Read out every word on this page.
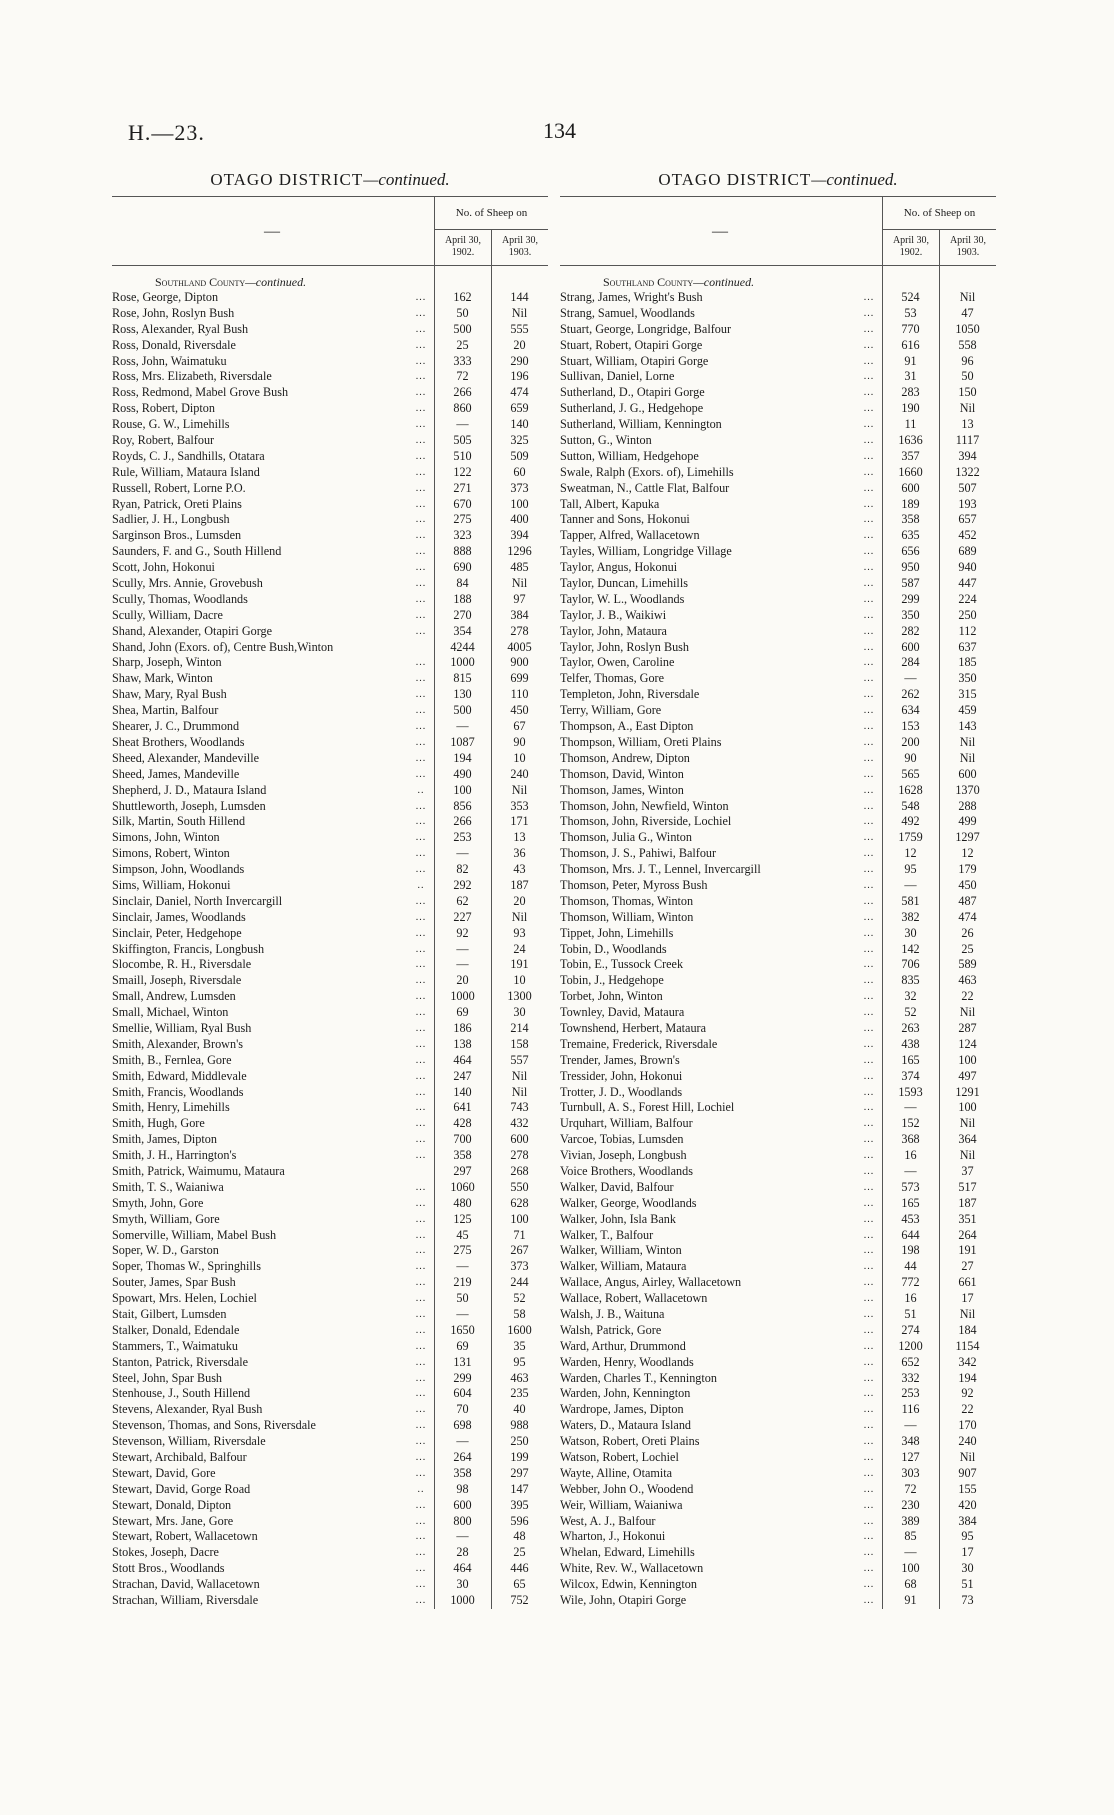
H.—23.	134
OTAGO DISTRICT—continued.
—
No. of Sheep on
April 30, 1902.
April 30, 1903.
Southland County—continued.
Rose, George, Dipton	...	162	144
Rose, John, Roslyn Bush	...	50	Nil
Ross, Alexander, Ryal Bush	...	500	555
Ross, Donald, Riversdale	...	25	20
Ross, John, Waimatuku	...	333	290
Ross, Mrs. Elizabeth, Riversdale	...	72	196
Ross, Redmond, Mabel Grove Bush	...	266	474
Ross, Robert, Dipton	...	860	659
Rouse, G. W., Limehills	...	—	140
Roy, Robert, Balfour	...	505	325
Royds, C. J., Sandhills, Otatara	...	510	509
Rule, William, Mataura Island	...	122	60
Russell, Robert, Lorne P.O.	...	271	373
Ryan, Patrick, Oreti Plains	...	670	100
Sadlier, J. H., Longbush	...	275	400
Sarginson Bros., Lumsden	...	323	394
Saunders, F. and G., South Hillend	...	888	1296
Scott, John, Hokonui	...	690	485
Scully, Mrs. Annie, Grovebush	...	84	Nil
Scully, Thomas, Woodlands	...	188	97
Scully, William, Dacre	...	270	384
Shand, Alexander, Otapiri Gorge	...	354	278
Shand, John (Exors. of), Centre Bush,Winton	4244	4005
Sharp, Joseph, Winton	...	1000	900
Shaw, Mark, Winton	...	815	699
Shaw, Mary, Ryal Bush	...	130	110
Shea, Martin, Balfour	...	500	450
Shearer, J. C., Drummond	...	—	67
Sheat Brothers, Woodlands	...	1087	90
Sheed, Alexander, Mandeville	...	194	10
Sheed, James, Mandeville	...	490	240
Shepherd, J. D., Mataura Island	..	100	Nil
Shuttleworth, Joseph, Lumsden	...	856	353
Silk, Martin, South Hillend	...	266	171
Simons, John, Winton	...	253	13
Simons, Robert, Winton	...	—	36
Simpson, John, Woodlands	...	82	43
Sims, William, Hokonui	..	292	187
Sinclair, Daniel, North Invercargill	...	62	20
Sinclair, James, Woodlands	...	227	Nil
Sinclair, Peter, Hedgehope	...	92	93
Skiffington, Francis, Longbush	...	—	24
Slocombe, R. H., Riversdale	...	—	191
Smaill, Joseph, Riversdale	...	20	10
Small, Andrew, Lumsden	...	1000	1300
Small, Michael, Winton	...	69	30
Smellie, William, Ryal Bush	...	186	214
Smith, Alexander, Brown's	...	138	158
Smith, B., Fernlea, Gore	...	464	557
Smith, Edward, Middlevale	...	247	Nil
Smith, Francis, Woodlands	...	140	Nil
Smith, Henry, Limehills	...	641	743
Smith, Hugh, Gore	...	428	432
Smith, James, Dipton	...	700	600
Smith, J. H., Harrington's	...	358	278
Smith, Patrick, Waimumu, Mataura	297	268
Smith, T. S., Waianiwa	...	1060	550
Smyth, John, Gore	...	480	628
Smyth, William, Gore	...	125	100
Somerville, William, Mabel Bush	...	45	71
Soper, W. D., Garston	...	275	267
Soper, Thomas W., Springhills	...	—	373
Souter, James, Spar Bush	...	219	244
Spowart, Mrs. Helen, Lochiel	...	50	52
Stait, Gilbert, Lumsden	...	—	58
Stalker, Donald, Edendale	...	1650	1600
Stammers, T., Waimatuku	...	69	35
Stanton, Patrick, Riversdale	...	131	95
Steel, John, Spar Bush	...	299	463
Stenhouse, J., South Hillend	...	604	235
Stevens, Alexander, Ryal Bush	...	70	40
Stevenson, Thomas, and Sons, Riversdale	...	698	988
Stevenson, William, Riversdale	...	—	250
Stewart, Archibald, Balfour	...	264	199
Stewart, David, Gore	...	358	297
Stewart, David, Gorge Road	..	98	147
Stewart, Donald, Dipton	...	600	395
Stewart, Mrs. Jane, Gore	...	800	596
Stewart, Robert, Wallacetown	...	—	48
Stokes, Joseph, Dacre	...	28	25
Stott Bros., Woodlands	...	464	446
Strachan, David, Wallacetown	...	30	65
Strachan, William, Riversdale	...	1000	752
OTAGO DISTRICT—continued.
—
No. of Sheep on
April 30, 1902.
April 30, 1903.
Southland County—continued.
Strang, James, Wright's Bush	...	524	Nil
Strang, Samuel, Woodlands	...	53	47
Stuart, George, Longridge, Balfour	...	770	1050
Stuart, Robert, Otapiri Gorge	...	616	558
Stuart, William, Otapiri Gorge	...	91	96
Sullivan, Daniel, Lorne	...	31	50
Sutherland, D., Otapiri Gorge	...	283	150
Sutherland, J. G., Hedgehope	...	190	Nil
Sutherland, William, Kennington	...	11	13
Sutton, G., Winton	...	1636	1117
Sutton, William, Hedgehope	...	357	394
Swale, Ralph (Exors. of), Limehills	...	1660	1322
Sweatman, N., Cattle Flat, Balfour	...	600	507
Tall, Albert, Kapuka	...	189	193
Tanner and Sons, Hokonui	...	358	657
Tapper, Alfred, Wallacetown	...	635	452
Tayles, William, Longridge Village	...	656	689
Taylor, Angus, Hokonui	...	950	940
Taylor, Duncan, Limehills	...	587	447
Taylor, W. L., Woodlands	...	299	224
Taylor, J. B., Waikiwi	...	350	250
Taylor, John, Mataura	...	282	112
Taylor, John, Roslyn Bush	...	600	637
Taylor, Owen, Caroline	...	284	185
Telfer, Thomas, Gore	...	—	350
Templeton, John, Riversdale	...	262	315
Terry, William, Gore	...	634	459
Thompson, A., East Dipton	...	153	143
Thompson, William, Oreti Plains	...	200	Nil
Thomson, Andrew, Dipton	...	90	Nil
Thomson, David, Winton	...	565	600
Thomson, James, Winton	...	1628	1370
Thomson, John, Newfield, Winton	...	548	288
Thomson, John, Riverside, Lochiel	...	492	499
Thomson, Julia G., Winton	...	1759	1297
Thomson, J. S., Pahiwi, Balfour	...	12	12
Thomson, Mrs. J. T., Lennel, Invercargill	...	95	179
Thomson, Peter, Myross Bush	...	—	450
Thomson, Thomas, Winton	...	581	487
Thomson, William, Winton	...	382	474
Tippet, John, Limehills	...	30	26
Tobin, D., Woodlands	...	142	25
Tobin, E., Tussock Creek	...	706	589
Tobin, J., Hedgehope	...	835	463
Torbet, John, Winton	...	32	22
Townley, David, Mataura	...	52	Nil
Townshend, Herbert, Mataura	...	263	287
Tremaine, Frederick, Riversdale	...	438	124
Trender, James, Brown's	...	165	100
Tressider, John, Hokonui	...	374	497
Trotter, J. D., Woodlands	...	1593	1291
Turnbull, A. S., Forest Hill, Lochiel	...	—	100
Urquhart, William, Balfour	...	152	Nil
Varcoe, Tobias, Lumsden	...	368	364
Vivian, Joseph, Longbush	...	16	Nil
Voice Brothers, Woodlands	...	—	37
Walker, David, Balfour	...	573	517
Walker, George, Woodlands	...	165	187
Walker, John, Isla Bank	...	453	351
Walker, T., Balfour	...	644	264
Walker, William, Winton	...	198	191
Walker, William, Mataura	...	44	27
Wallace, Angus, Airley, Wallacetown	...	772	661
Wallace, Robert, Wallacetown	...	16	17
Walsh, J. B., Waituna	...	51	Nil
Walsh, Patrick, Gore	...	274	184
Ward, Arthur, Drummond	...	1200	1154
Warden, Henry, Woodlands	...	652	342
Warden, Charles T., Kennington	...	332	194
Warden, John, Kennington	...	253	92
Wardrope, James, Dipton	...	116	22
Waters, D., Mataura Island	...	—	170
Watson, Robert, Oreti Plains	...	348	240
Watson, Robert, Lochiel	...	127	Nil
Wayte, Alline, Otamita	...	303	907
Webber, John O., Woodend	...	72	155
Weir, William, Waianiwa	...	230	420
West, A. J., Balfour	...	389	384
Wharton, J., Hokonui	...	85	95
Whelan, Edward, Limehills	...	—	17
White, Rev. W., Wallacetown	...	100	30
Wilcox, Edwin, Kennington	...	68	51
Wile, John, Otapiri Gorge	...	91	73
